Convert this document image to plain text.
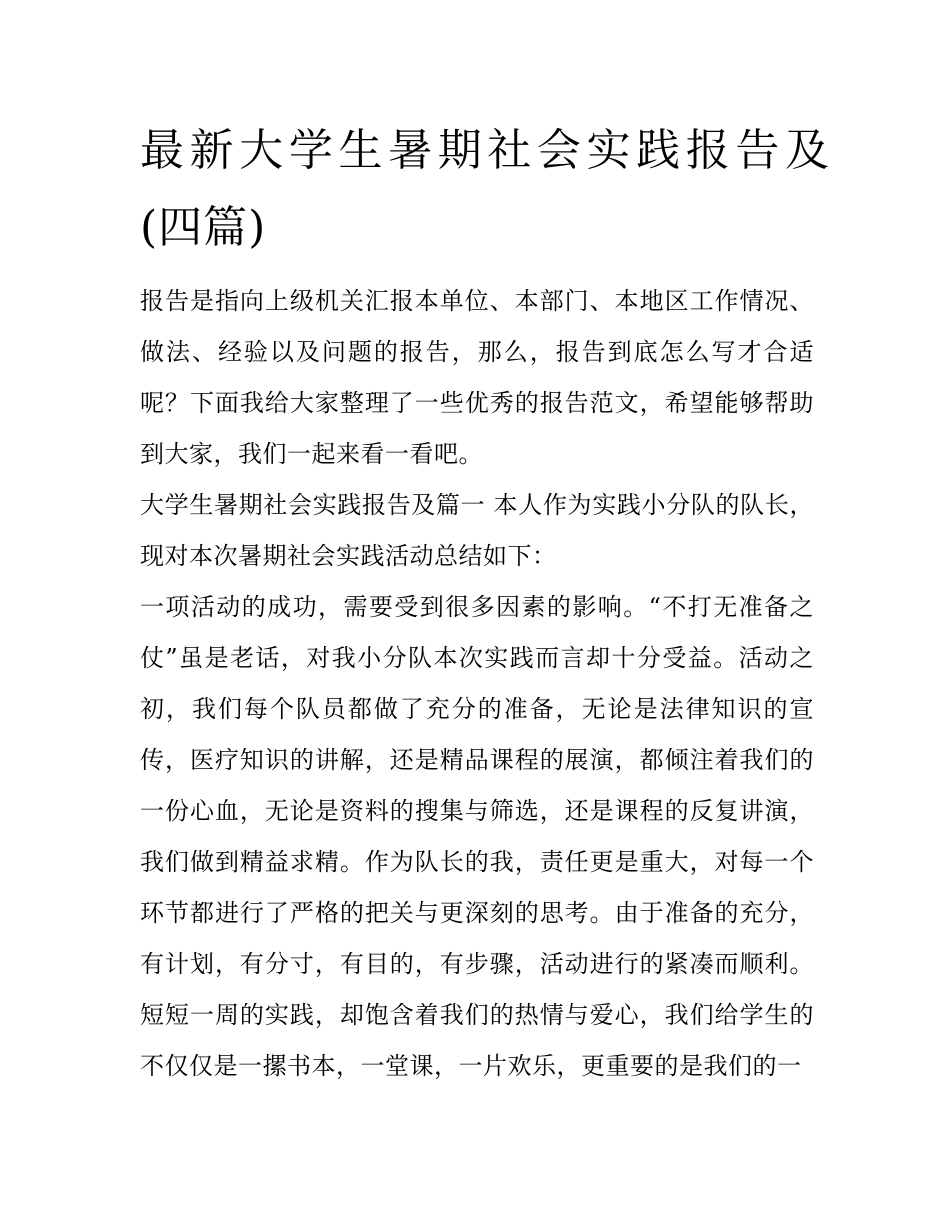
最新大学生暑期社会实践报告及(四篇)

报告是指向上级机关汇报本单位、本部门、本地区工作情况、做法、经验以及问题的报告，那么，报告到底怎么写才合适呢？下面我给大家整理了一些优秀的报告范文，希望能够帮助到大家，我们一起来看一看吧。

大学生暑期社会实践报告及篇一 本人作为实践小分队的队长，现对本次暑期社会实践活动总结如下：

一项活动的成功，需要受到很多因素的影响。“不打无准备之仗”虽是老话，对我小分队本次实践而言却十分受益。活动之初，我们每个队员都做了充分的准备，无论是法律知识的宣传，医疗知识的讲解，还是精品课程的展演，都倾注着我们的一份心血，无论是资料的搜集与筛选，还是课程的反复讲演，我们做到精益求精。作为队长的我，责任更是重大，对每一个环节都进行了严格的把关与更深刻的思考。由于准备的充分，有计划，有分寸，有目的，有步骤，活动进行的紧凑而顺利。短短一周的实践，却饱含着我们的热情与爱心，我们给学生的不仅仅是一摞书本，一堂课，一片欢乐，更重要的是我们的一
